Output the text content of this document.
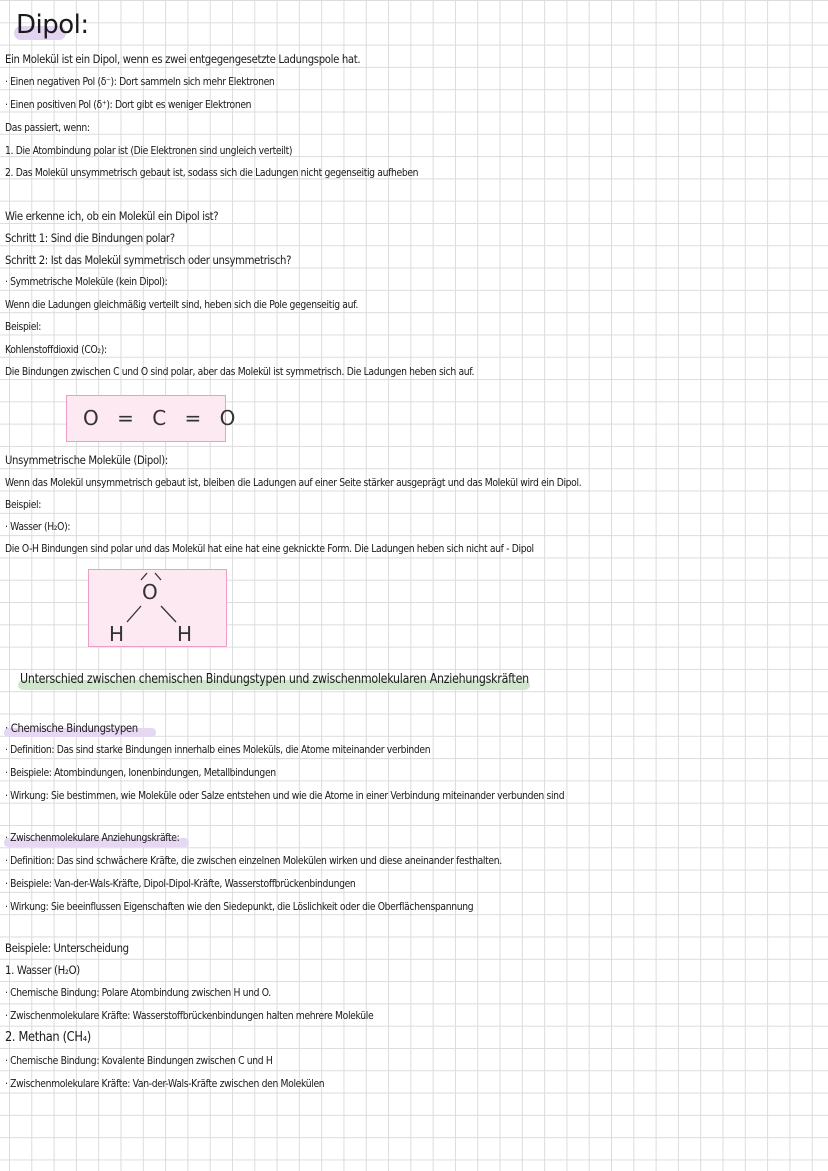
Dipol:
Ein Molekül ist ein Dipol, wenn es zwei entgegengesetzte Ladungspole hat.
· Einen negativen Pol (δ⁻): Dort sammeln sich mehr Elektronen
· Einen positiven Pol (δ⁺): Dort gibt es weniger Elektronen
Das passiert, wenn:
1. Die Atombindung polar ist (Die Elektronen sind ungleich verteilt)
2. Das Molekül unsymmetrisch gebaut ist, sodass sich die Ladungen nicht gegenseitig aufheben
Wie erkenne ich, ob ein Molekül ein Dipol ist?
Schritt 1: Sind die Bindungen polar?
Schritt 2: Ist das Molekül symmetrisch oder unsymmetrisch?
· Symmetrische Moleküle (kein Dipol):
Wenn die Ladungen gleichmäßig verteilt sind, heben sich die Pole gegenseitig auf.
Beispiel:
Kohlenstoffdioxid (CO₂):
Die Bindungen zwischen C und O sind polar, aber das Molekül ist symmetrisch. Die Ladungen heben sich auf.
O = C = O
Unsymmetrische Moleküle (Dipol):
Wenn das Molekül unsymmetrisch gebaut ist, bleiben die Ladungen auf einer Seite stärker ausgeprägt und das Molekül wird ein Dipol.
Beispiel:
· Wasser (H₂O):
Die O-H Bindungen sind polar und das Molekül hat eine hat eine geknickte Form. Die Ladungen heben sich nicht auf - Dipol
O
H	H
Unterschied zwischen chemischen Bindungstypen und zwischenmolekularen Anziehungskräften
· Chemische Bindungstypen
· Definition: Das sind starke Bindungen innerhalb eines Moleküls, die Atome miteinander verbinden
· Beispiele: Atombindungen, Ionenbindungen, Metallbindungen
· Wirkung: Sie bestimmen, wie Moleküle oder Salze entstehen und wie die Atome in einer Verbindung miteinander verbunden sind
· Zwischenmolekulare Anziehungskräfte:
· Definition: Das sind schwächere Kräfte, die zwischen einzelnen Molekülen wirken und diese aneinander festhalten.
· Beispiele: Van-der-Wals-Kräfte, Dipol-Dipol-Kräfte, Wasserstoffbrückenbindungen
· Wirkung: Sie beeinflussen Eigenschaften wie den Siedepunkt, die Löslichkeit oder die Oberflächenspannung
Beispiele: Unterscheidung
1. Wasser (H₂O)
· Chemische Bindung: Polare Atombindung zwischen H und O.
· Zwischenmolekulare Kräfte: Wasserstoffbrückenbindungen halten mehrere Moleküle
2. Methan (CH₄)
· Chemische Bindung: Kovalente Bindungen zwischen C und H
· Zwischenmolekulare Kräfte: Van-der-Wals-Kräfte zwischen den Molekülen
